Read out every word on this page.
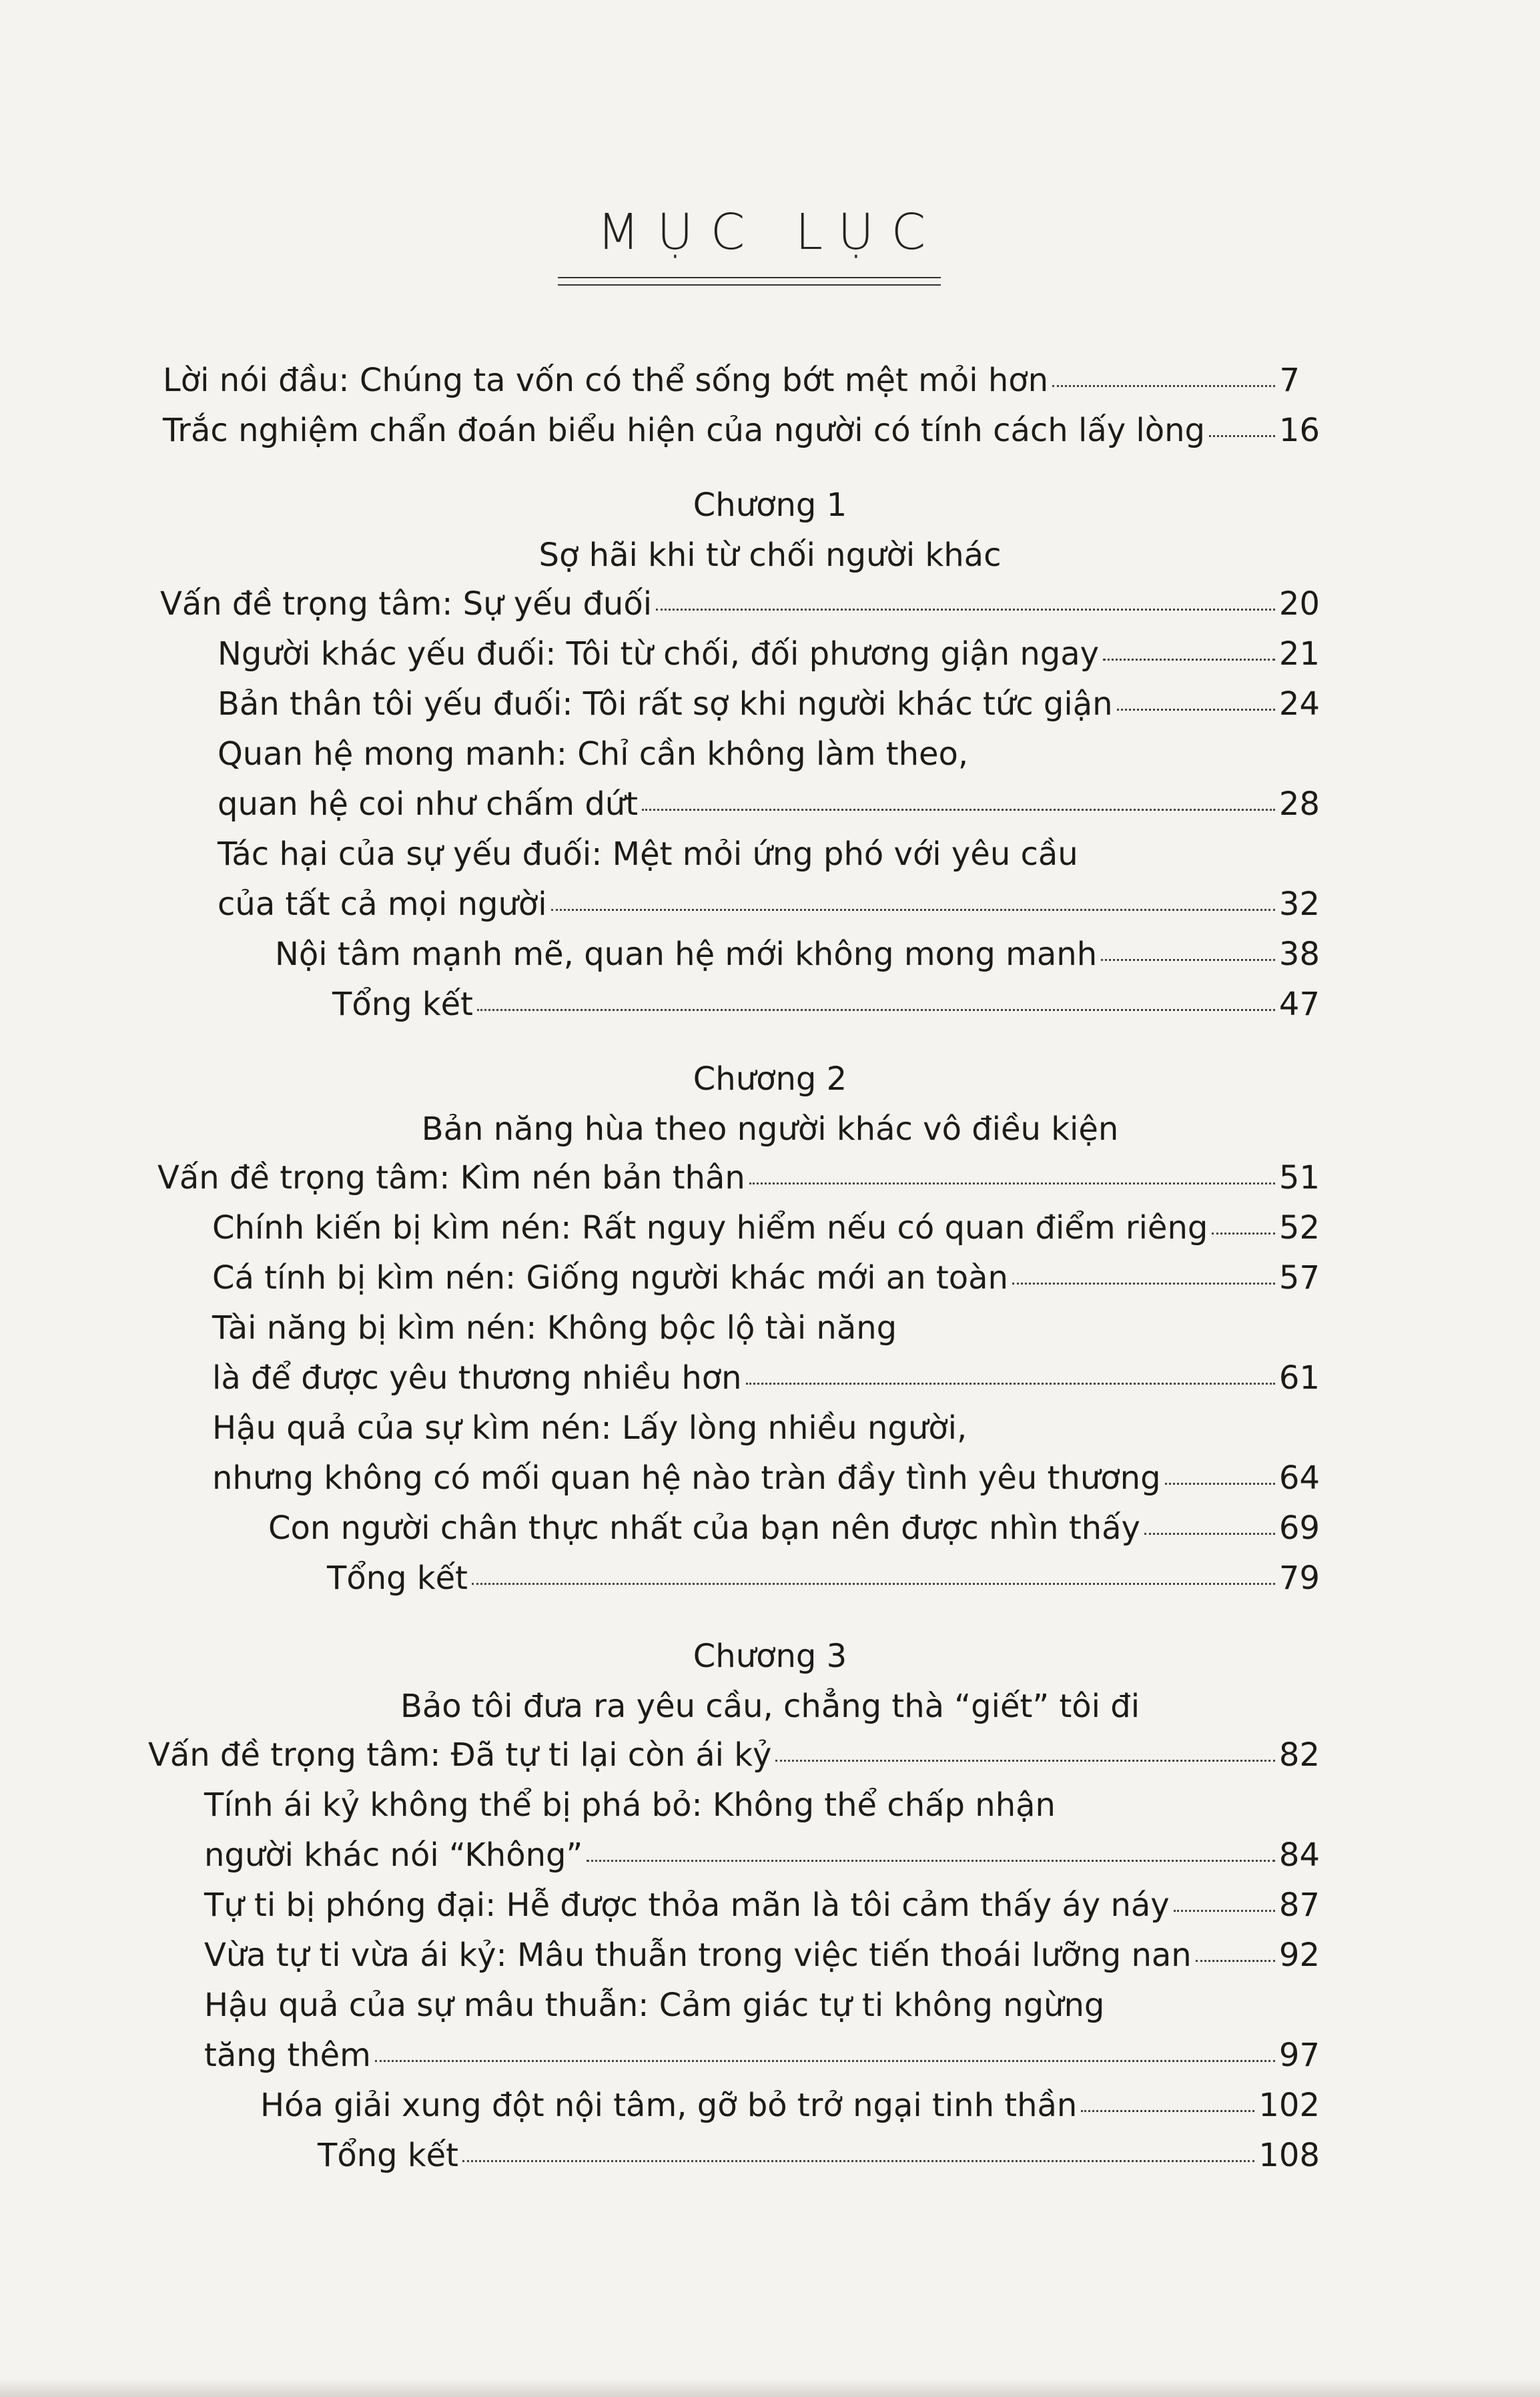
MỤC LỤC
Lời nói đầu: Chúng ta vốn có thể sống bớt mệt mỏi hơn	7
Trắc nghiệm chẩn đoán biểu hiện của người có tính cách lấy lòng 16
Chương 1
Sợ hãi khi từ chối người khác
Vấn đề trọng tâm: Sự yếu đuối	20
Người khác yếu đuối: Tôi từ chối, đối phương giận ngay	21
Bản thân tôi yếu đuối: Tôi rất sợ khi người khác tức giận	24
Quan hệ mong manh: Chỉ cần không làm theo,
quan hệ coi như chấm dứt	28
Tác hại của sự yếu đuối: Mệt mỏi ứng phó với yêu cầu
của tất cả mọi người	32
Nội tâm mạnh mẽ, quan hệ mới không mong manh	38
Tổng kết	47
Chương 2
Bản năng hùa theo người khác vô điều kiện
Vấn đề trọng tâm: Kìm nén bản thân	51
Chính kiến bị kìm nén: Rất nguy hiểm nếu có quan điểm riêng 52
Cá tính bị kìm nén: Giống người khác mới an toàn	57
Tài năng bị kìm nén: Không bộc lộ tài năng
là để được yêu thương nhiều hơn	61
Hậu quả của sự kìm nén: Lấy lòng nhiều người,
nhưng không có mối quan hệ nào tràn đầy tình yêu thương	64
Con người chân thực nhất của bạn nên được nhìn thấy	69
Tổng kết	79
Chương 3
Bảo tôi đưa ra yêu cầu, chẳng thà “giết” tôi đi
Vấn đề trọng tâm: Đã tự ti lại còn ái kỷ	82
Tính ái kỷ không thể bị phá bỏ: Không thể chấp nhận
người khác nói “Không”	84
Tự ti bị phóng đại: Hễ được thỏa mãn là tôi cảm thấy áy náy	87
Vừa tự ti vừa ái kỷ: Mâu thuẫn trong việc tiến thoái lưỡng nan	92
Hậu quả của sự mâu thuẫn: Cảm giác tự ti không ngừng
tăng thêm	97
Hóa giải xung đột nội tâm, gỡ bỏ trở ngại tinh thần	102
Tổng kết	108
